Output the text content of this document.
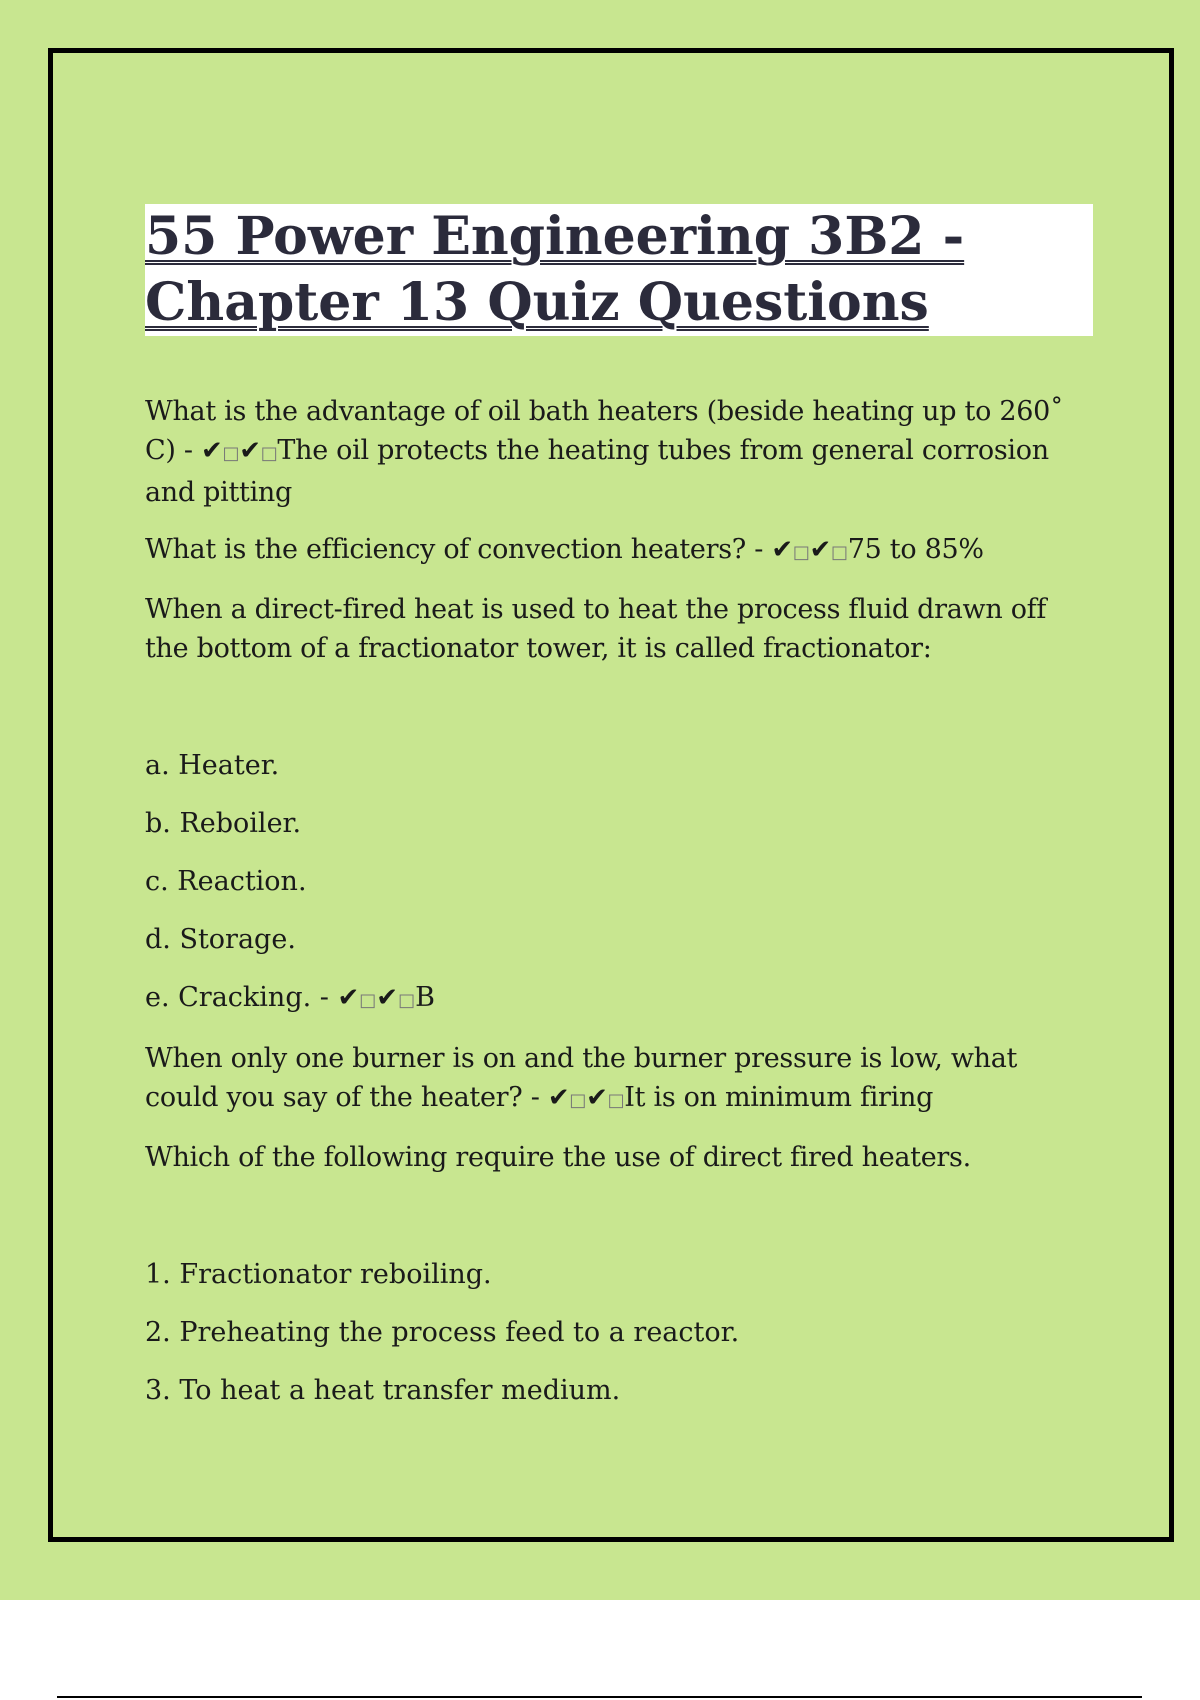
55 Power Engineering 3B2 -
Chapter 13 Quiz Questions

What is the advantage of oil bath heaters (beside heating up to 260˚ C) - ✔□✔□The oil protects the heating tubes from general corrosion and pitting

What is the efficiency of convection heaters? - ✔□✔□75 to 85%

When a direct-fired heat is used to heat the process fluid drawn off the bottom of a fractionator tower, it is called fractionator:

a. Heater.

b. Reboiler.

c. Reaction.

d. Storage.

e. Cracking. - ✔□✔□B

When only one burner is on and the burner pressure is low, what could you say of the heater? - ✔□✔□It is on minimum firing

Which of the following require the use of direct fired heaters.

1. Fractionator reboiling.

2. Preheating the process feed to a reactor.

3. To heat a heat transfer medium.
